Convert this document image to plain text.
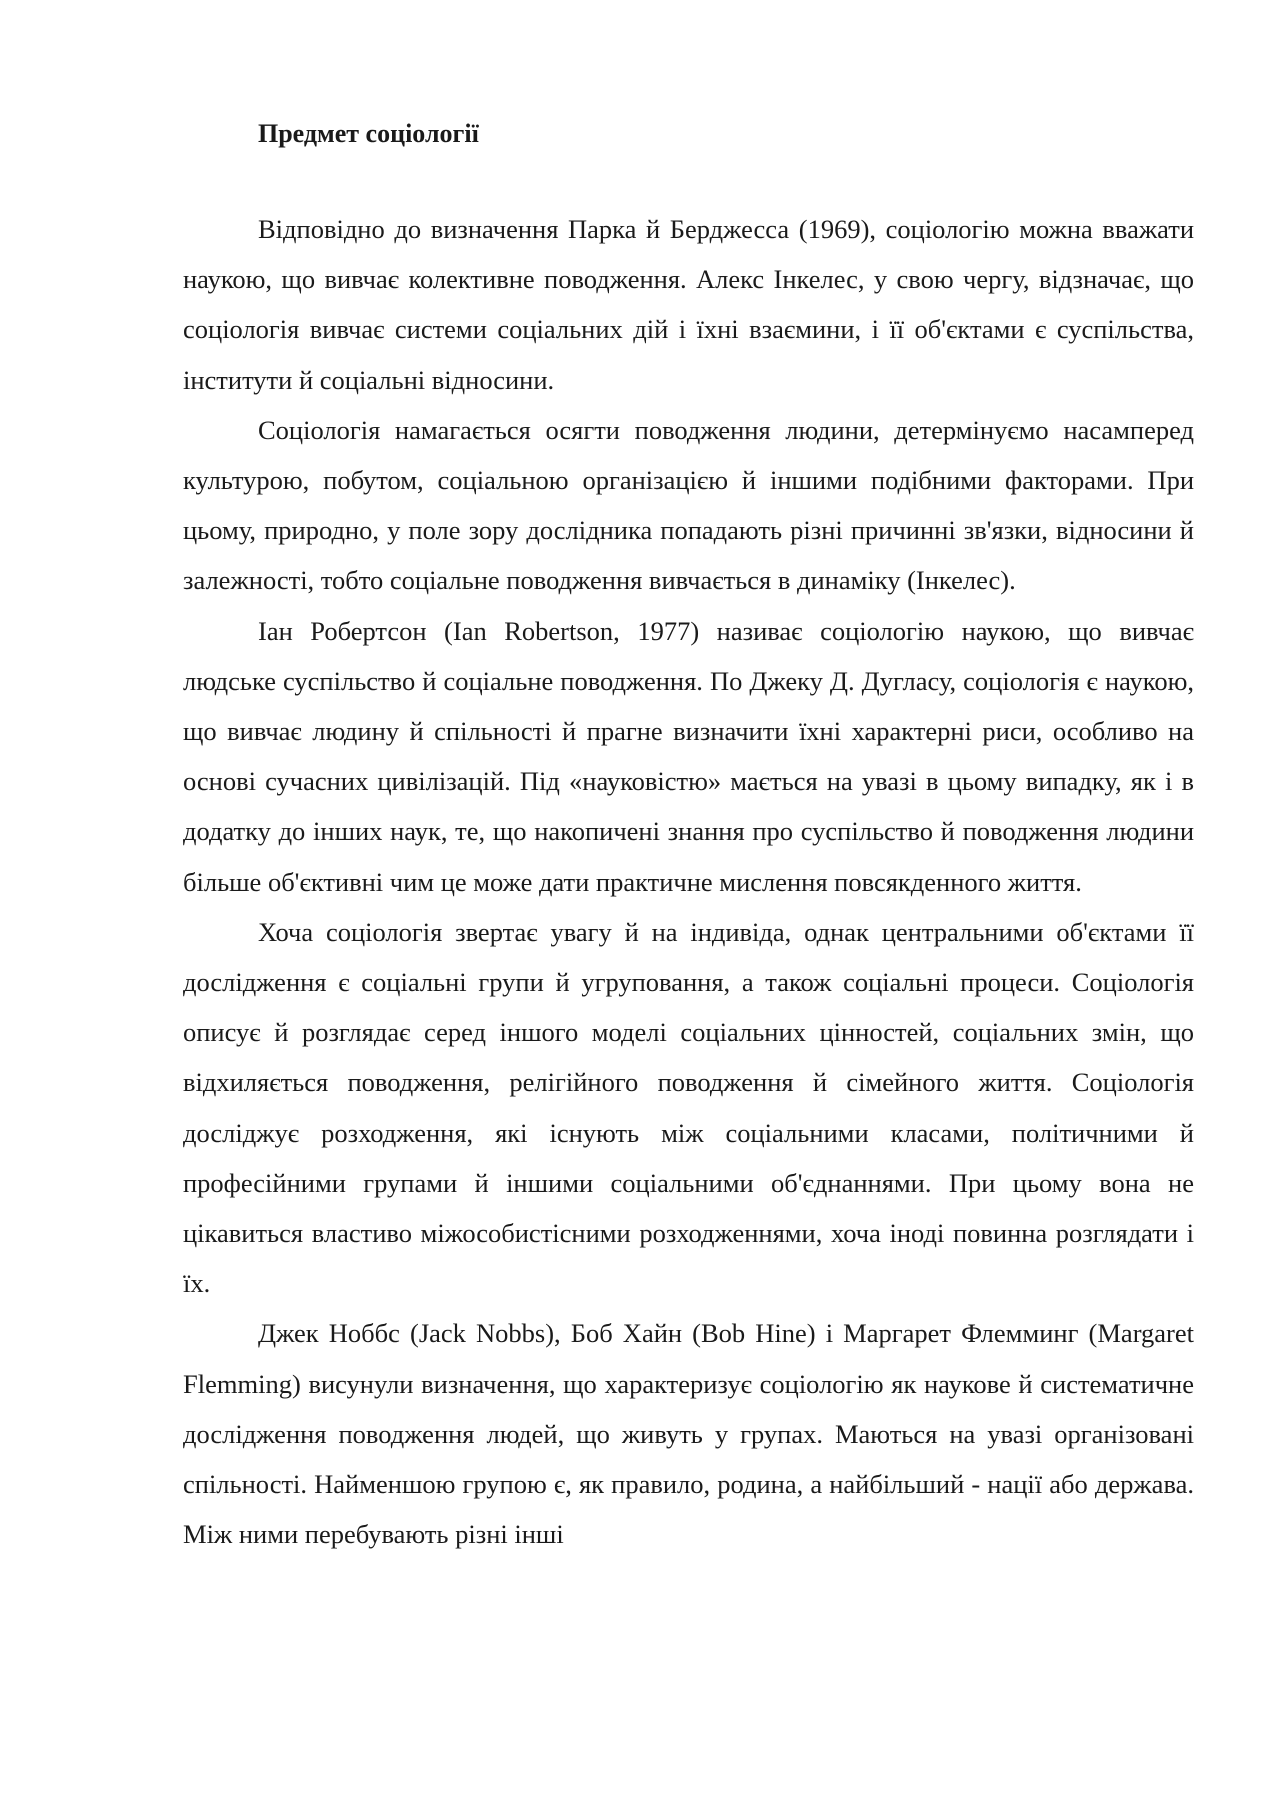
Предмет соціології

Відповідно до визначення Парка й Берджесса (1969), соціологію можна вважати наукою, що вивчає колективне поводження. Алекс Інкелес, у свою чергу, відзначає, що соціологія вивчає системи соціальних дій і їхні взаємини, і її об'єктами є суспільства, інститути й соціальні відносини.

Соціологія намагається осягти поводження людини, детермінуємо насамперед культурою, побутом, соціальною організацією й іншими подібними факторами. При цьому, природно, у поле зору дослідника попадають різні причинні зв'язки, відносини й залежності, тобто соціальне поводження вивчається в динаміку (Інкелес).

Іан Робертсон (Ian Robertson, 1977) називає соціологію наукою, що вивчає людське суспільство й соціальне поводження. По Джеку Д. Дугласу, соціологія є наукою, що вивчає людину й спільності й прагне визначити їхні характерні риси, особливо на основі сучасних цивілізацій. Під «науковістю» мається на увазі в цьому випадку, як і в додатку до інших наук, те, що накопичені знання про суспільство й поводження людини більше об'єктивні чим це може дати практичне мислення повсякденного життя.

Хоча соціологія звертає увагу й на індивіда, однак центральними об'єктами її дослідження є соціальні групи й угруповання, а також соціальні процеси. Соціологія описує й розглядає серед іншого моделі соціальних цінностей, соціальних змін, що відхиляється поводження, релігійного поводження й сімейного життя. Соціологія досліджує розходження, які існують між соціальними класами, політичними й професійними групами й іншими соціальними об'єднаннями. При цьому вона не цікавиться властиво міжособистісними розходженнями, хоча іноді повинна розглядати і їх.

Джек Ноббс (Jack Nobbs), Боб Хайн (Bob Hine) і Маргарет Флемминг (Margaret Flemming) висунули визначення, що характеризує соціологію як наукове й систематичне дослідження поводження людей, що живуть у групах. Маються на увазі організовані спільності. Найменшою групою є, як правило, родина, а найбільший - нації або держава. Між ними перебувають різні інші
